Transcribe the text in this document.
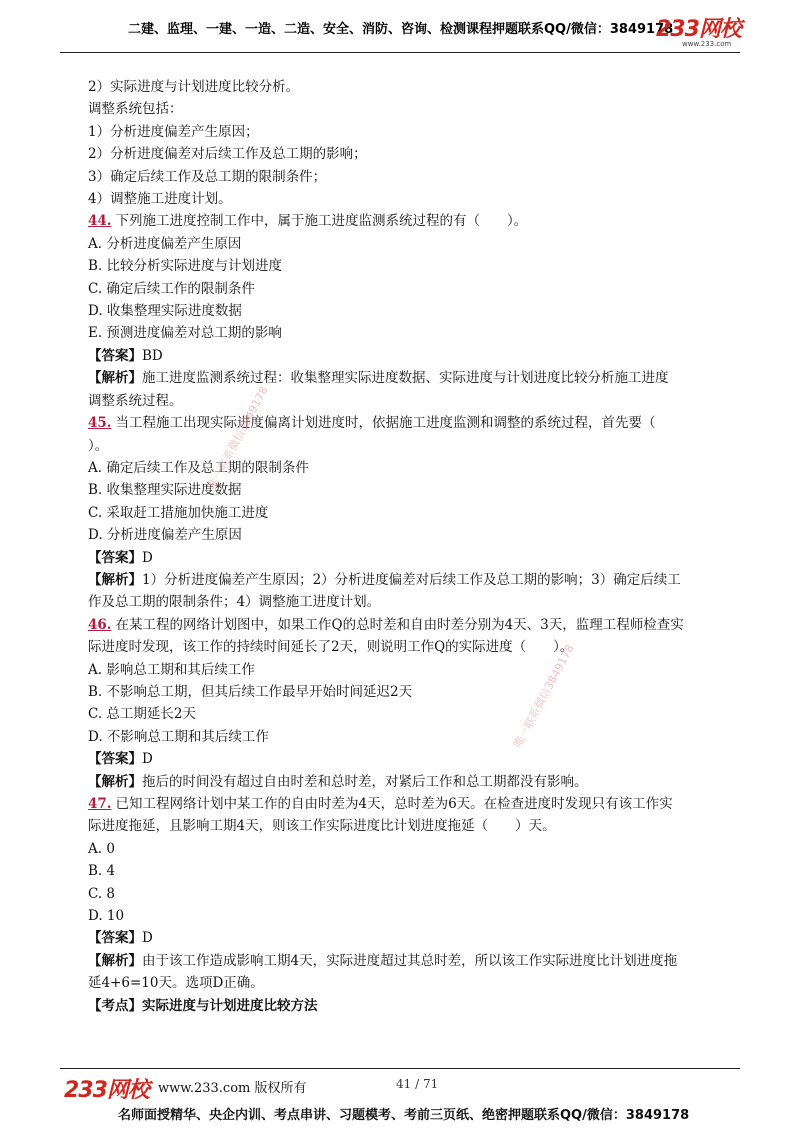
二建、监理、一建、一造、二造、安全、消防、咨询、检测课程押题联系QQ/微信：3849178
233网校
www.233.com
2）实际进度与计划进度比较分析。
调整系统包括：
1）分析进度偏差产生原因；
2）分析进度偏差对后续工作及总工期的影响；
3）确定后续工作及总工期的限制条件；
4）调整施工进度计划。
44. 下列施工进度控制工作中，属于施工进度监测系统过程的有（　　）。
A. 分析进度偏差产生原因
B. 比较分析实际进度与计划进度
C. 确定后续工作的限制条件
D. 收集整理实际进度数据
E. 预测进度偏差对总工期的影响
【答案】BD
【解析】施工进度监测系统过程：收集整理实际进度数据、实际进度与计划进度比较分析施工进度
调整系统过程。
45. 当工程施工出现实际进度偏离计划进度时，依据施工进度监测和调整的系统过程，首先要（
）。
A. 确定后续工作及总工期的限制条件
B. 收集整理实际进度数据
C. 采取赶工措施加快施工进度
D. 分析进度偏差产生原因
【答案】D
【解析】1）分析进度偏差产生原因；2）分析进度偏差对后续工作及总工期的影响；3）确定后续工
作及总工期的限制条件；4）调整施工进度计划。
46. 在某工程的网络计划图中，如果工作Q的总时差和自由时差分别为4天、3天，监理工程师检查实
际进度时发现，该工作的持续时间延长了2天，则说明工作Q的实际进度（　　）。
A. 影响总工期和其后续工作
B. 不影响总工期，但其后续工作最早开始时间延迟2天
C. 总工期延长2天
D. 不影响总工期和其后续工作
【答案】D
【解析】拖后的时间没有超过自由时差和总时差，对紧后工作和总工期都没有影响。
47. 已知工程网络计划中某工作的自由时差为4天，总时差为6天。在检查进度时发现只有该工作实
际进度拖延，且影响工期4天，则该工作实际进度比计划进度拖延（　　）天。
A. 0
B. 4
C. 8
D. 10
【答案】D
【解析】由于该工作造成影响工期4天，实际进度超过其总时差，所以该工作实际进度比计划进度拖
延4+6=10天。选项D正确。
【考点】实际进度与计划进度比较方法
唯一联系微信3849178
唯一联系微信3849178
233网校 www.233.com 版权所有	41 / 71
名师面授精华、央企内训、考点串讲、习题模考、考前三页纸、绝密押题联系QQ/微信：3849178
